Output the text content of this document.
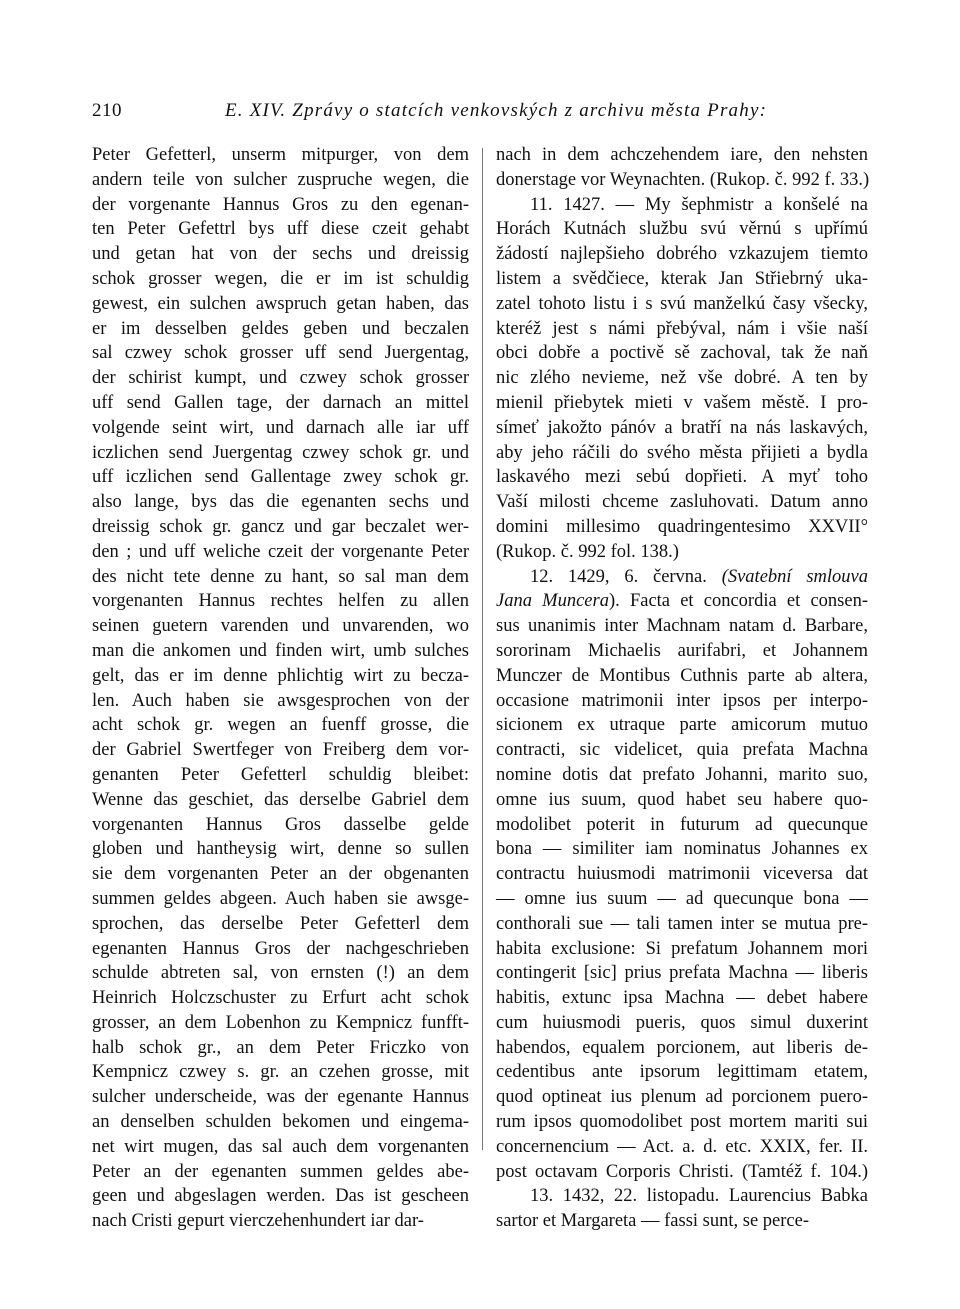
210	E. XIV. Zprávy o statcích venkovských z archivu města Prahy:
Peter Gefetterl, unserm mitpurger, von dem
andern teile von sulcher zuspruche wegen, die
der vorgenante Hannus Gros zu den egenan-
ten Peter Gefettrl bys uff diese czeit gehabt
und getan hat von der sechs und dreissig
schok grosser wegen, die er im ist schuldig
gewest, ein sulchen awspruch getan haben, das
er im desselben geldes geben und beczalen
sal czwey schok grosser uff send Juergentag,
der schirist kumpt, und czwey schok grosser
uff send Gallen tage, der darnach an mittel
volgende seint wirt, und darnach alle iar uff
iczlichen send Juergentag czwey schok gr. und
uff iczlichen send Gallentage zwey schok gr.
also lange, bys das die egenanten sechs und
dreissig schok gr. gancz und gar beczalet wer-
den ; und uff weliche czeit der vorgenante Peter
des nicht tete denne zu hant, so sal man dem
vorgenanten Hannus rechtes helfen zu allen
seinen guetern varenden und unvarenden, wo
man die ankomen und finden wirt, umb sulches
gelt, das er im denne phlichtig wirt zu becza-
len. Auch haben sie awsgesprochen von der
acht schok gr. wegen an fuenff grosse, die
der Gabriel Swertfeger von Freiberg dem vor-
genanten Peter Gefetterl schuldig bleibet:
Wenne das geschiet, das derselbe Gabriel dem
vorgenanten Hannus Gros dasselbe gelde
globen und hantheysig wirt, denne so sullen
sie dem vorgenanten Peter an der obgenanten
summen geldes abgeen. Auch haben sie awsge-
sprochen, das derselbe Peter Gefetterl dem
egenanten Hannus Gros der nachgeschrieben
schulde abtreten sal, von ernsten (!) an dem
Heinrich Holczschuster zu Erfurt acht schok
grosser, an dem Lobenhon zu Kempnicz funfft-
halb schok gr., an dem Peter Friczko von
Kempnicz czwey s. gr. an czehen grosse, mit
sulcher underscheide, was der egenante Hannus
an denselben schulden bekomen und eingema-
net wirt mugen, das sal auch dem vorgenanten
Peter an der egenanten summen geldes abe-
geen und abgeslagen werden. Das ist gescheen
nach Cristi gepurt vierczehenhundert iar dar-
nach in dem achczehendem iare, den nehsten
donerstage vor Weynachten. (Rukop. č. 992 f. 33.)
11. 1427. — My šephmistr a konšelé na
Horách Kutnách službu svú věrnú s upřímú
žádostí najlepšieho dobrého vzkazujem tiemto
listem a svědčiece, kterak Jan Střiebrný uka-
zatel tohoto listu i s svú manželkú časy všecky,
kteréž jest s námi přebýval, nám i všie naší
obci dobře a poctivě sě zachoval, tak že naň
nic zlého nevieme, než vše dobré. A ten by
mienil přiebytek mieti v vašem městě. I pro-
símeť jakožto pánóv a bratří na nás laskavých,
aby jeho ráčili do svého města přijieti a bydla
laskavého mezi sebú dopřieti. A myť toho
Vaší milosti chceme zasluhovati. Datum anno
domini millesimo quadringentesimo XXVII°
(Rukop. č. 992 fol. 138.)
12. 1429, 6. června. (Svatební smlouva
Jana Muncera). Facta et concordia et consen-
sus unanimis inter Machnam natam d. Barbare,
sororinam Michaelis aurifabri, et Johannem
Munczer de Montibus Cuthnis parte ab altera,
occasione matrimonii inter ipsos per interpo-
sicionem ex utraque parte amicorum mutuo
contracti, sic videlicet, quia prefata Machna
nomine dotis dat prefato Johanni, marito suo,
omne ius suum, quod habet seu habere quo-
modolibet poterit in futurum ad quecunque
bona — similiter iam nominatus Johannes ex
contractu huiusmodi matrimonii viceversa dat
— omne ius suum — ad quecunque bona —
conthorali sue — tali tamen inter se mutua pre-
habita exclusione: Si prefatum Johannem mori
contingerit [sic] prius prefata Machna — liberis
habitis, extunc ipsa Machna — debet habere
cum huiusmodi pueris, quos simul duxerint
habendos, equalem porcionem, aut liberis de-
cedentibus ante ipsorum legittimam etatem,
quod optineat ius plenum ad porcionem puero-
rum ipsos quomodolibet post mortem mariti sui
concernencium — Act. a. d. etc. XXIX, fer. II.
post octavam Corporis Christi. (Tamtéž f. 104.)
13. 1432, 22. listopadu. Laurencius Babka
sartor et Margareta — fassi sunt, se perce-
